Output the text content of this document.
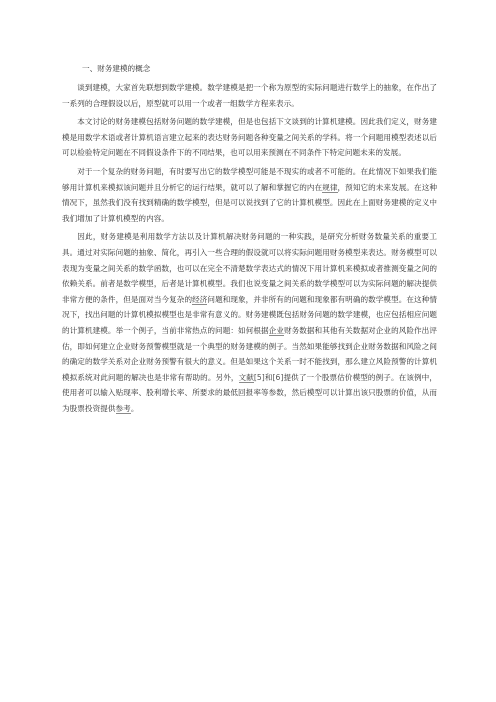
一、财务建模的概念

谈到建模，大家首先联想到数学建模。数学建模是把一个称为原型的实际问题进行数学上的抽象，在作出了一系列的合理假设以后，原型就可以用一个或者一组数学方程来表示。

本文讨论的财务建模包括财务问题的数学建模，但是也包括下文谈到的计算机建模。因此我们定义，财务建模是用数学术语或者计算机语言建立起来的表达财务问题各种变量之间关系的学科。将一个问题用模型表述以后可以检验特定问题在不同假设条件下的不同结果，也可以用来预测在不同条件下特定问题未来的发展。

对于一个复杂的财务问题，有时要写出它的数学模型可能是不现实的或者不可能的。在此情况下如果我们能够用计算机来模拟该问题并且分析它的运行结果，就可以了解和掌握它的内在规律，预知它的未来发展。在这种情况下，虽然我们没有找到精确的数学模型，但是可以说找到了它的计算机模型。因此在上面财务建模的定义中我们增加了计算机模型的内容。

因此，财务建模是利用数学方法以及计算机解决财务问题的一种实践，是研究分析财务数量关系的重要工具。通过对实际问题的抽象、简化，再引入一些合理的假设就可以将实际问题用财务模型来表达。财务模型可以表现为变量之间关系的数学函数，也可以在完全不清楚数学表达式的情况下用计算机来模拟或者推测变量之间的依赖关系。前者是数学模型，后者是计算机模型。我们也说变量之间关系的数学模型可以为实际问题的解决提供非常方便的条件，但是面对当今复杂的经济问题和现象，并非所有的问题和现象都有明确的数学模型。在这种情况下，找出问题的计算机模拟模型也是非常有意义的。财务建模既包括财务问题的数学建模，也应包括相应问题的计算机建模。举一个例子，当前非常热点的问题：如何根据企业财务数据和其他有关数据对企业的风险作出评估，即如何建立企业财务预警模型就是一个典型的财务建模的例子。当然如果能够找到企业财务数据和风险之间的确定的数学关系对企业财务预警有很大的意义。但是如果这个关系一时不能找到，那么建立风险预警的计算机模拟系统对此问题的解决也是非常有帮助的。另外，文献[5]和[6]提供了一个股票估价模型的例子。在该例中，使用者可以输入贴现率、股利增长率、所要求的最低回报率等参数，然后模型可以计算出该只股票的价值，从而为股票投资提供参考。
